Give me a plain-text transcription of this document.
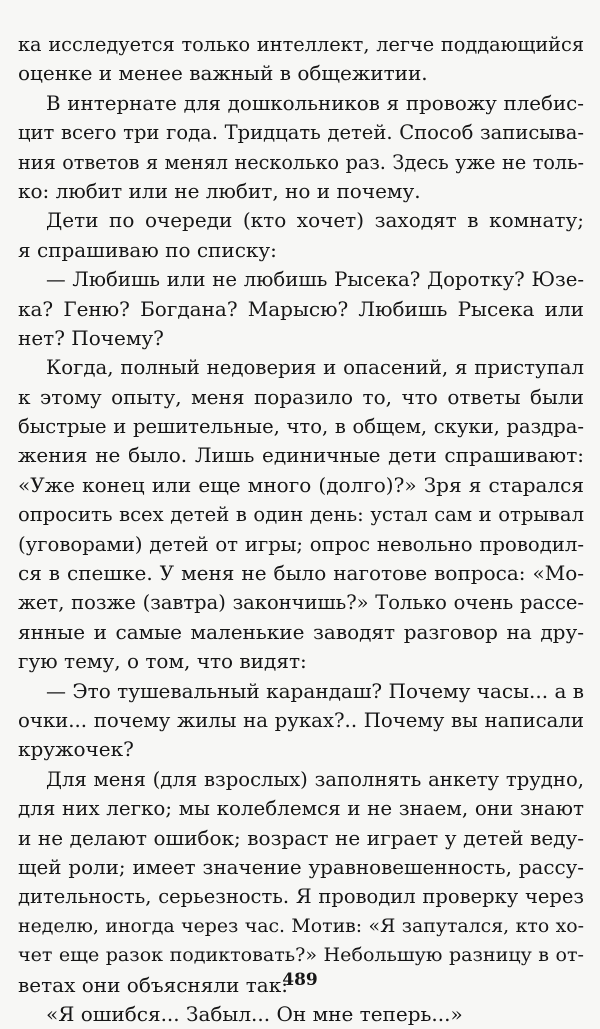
ка исследуется только интеллект, легче поддающийся
оценке и менее важный в общежитии.
В интернате для дошкольников я провожу плебис-
цит всего три года. Тридцать детей. Способ записыва-
ния ответов я менял несколько раз. Здесь уже не толь-
ко: любит или не любит, но и почему.
Дети по очереди (кто хочет) заходят в комнату;
я спрашиваю по списку:
— Любишь или не любишь Рысека? Доротку? Юзе-
ка? Геню? Богдана? Марысю? Любишь Рысека или
нет? Почему?
Когда, полный недоверия и опасений, я приступал
к этому опыту, меня поразило то, что ответы были
быстрые и решительные, что, в общем, скуки, раздра-
жения не было. Лишь единичные дети спрашивают:
«Уже конец или еще много (долго)?» Зря я старался
опросить всех детей в один день: устал сам и отрывал
(уговорами) детей от игры; опрос невольно проводил-
ся в спешке. У меня не было наготове вопроса: «Мо-
жет, позже (завтра) закончишь?» Только очень рассе-
янные и самые маленькие заводят разговор на дру-
гую тему, о том, что видят:
— Это тушевальный карандаш? Почему часы... а в
очки... почему жилы на руках?.. Почему вы написали
кружочек?
Для меня (для взрослых) заполнять анкету трудно,
для них легко; мы колеблемся и не знаем, они знают
и не делают ошибок; возраст не играет у детей веду-
щей роли; имеет значение уравновешенность, рассу-
дительность, серьезность. Я проводил проверку через
неделю, иногда через час. Мотив: «Я запутался, кто хо-
чет еще разок подиктовать?» Небольшую разницу в от-
ветах они объясняли так:
«Я ошибся... Забыл... Он мне теперь...»
489
